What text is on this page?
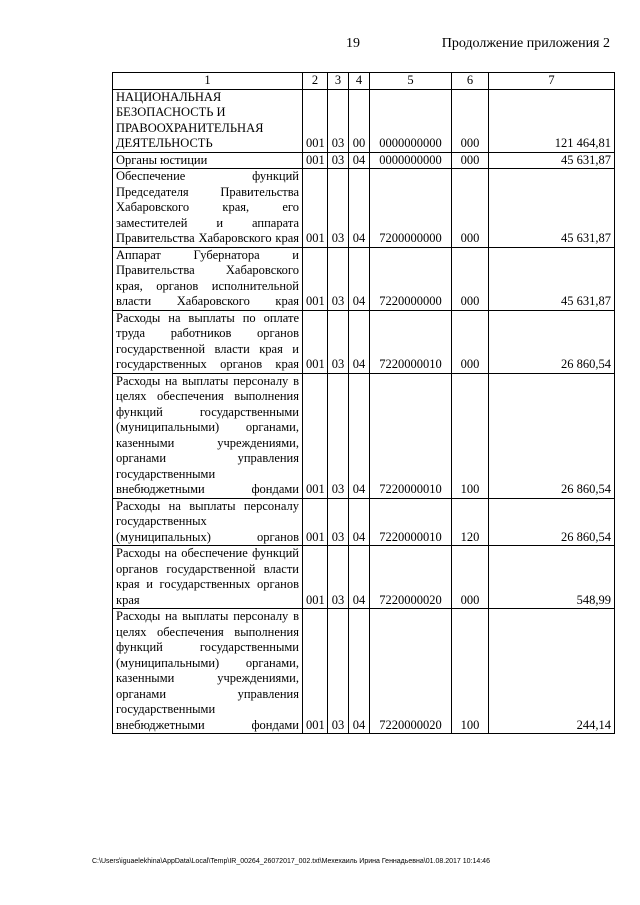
19	Продолжение приложения 2
1	2	3	4	5	6	7
НАЦИОНАЛЬНАЯ БЕЗОПАСНОСТЬ И ПРАВООХРАНИТЕЛЬНАЯ ДЕЯТЕЛЬНОСТЬ	001	03	00	0000000000	000	121 464,81
Органы юстиции	001	03	04	0000000000	000	45 631,87
Обеспечение функций Председателя Правительства Хабаровского края, его заместителей и аппарата Правительства Хабаровского края	001	03	04	7200000000	000	45 631,87
Аппарат Губернатора и Правительства Хабаровского края, органов исполнительной власти Хабаровского края	001	03	04	7220000000	000	45 631,87
Расходы на выплаты по оплате труда работников органов государственной власти края и государственных органов края	001	03	04	7220000010	000	26 860,54
Расходы на выплаты персоналу в целях обеспечения выполнения функций государственными (муниципальными) органами, казенными учреждениями, органами управления государственными внебюджетными фондами	001	03	04	7220000010	100	26 860,54
Расходы на выплаты персоналу государственных (муниципальных) органов	001	03	04	7220000010	120	26 860,54
Расходы на обеспечение функций органов государственной власти края и государственных органов края	001	03	04	7220000020	000	548,99
Расходы на выплаты персоналу в целях обеспечения выполнения функций государственными (муниципальными) органами, казенными учреждениями, органами управления государственными внебюджетными фондами	001	03	04	7220000020	100	244,14
C:\Users\iguaelekhina\AppData\Local\Temp\IR_00264_26072017_002.txt\Мехехаиль Ирина Геннадьевна\01.08.2017 10:14:46
